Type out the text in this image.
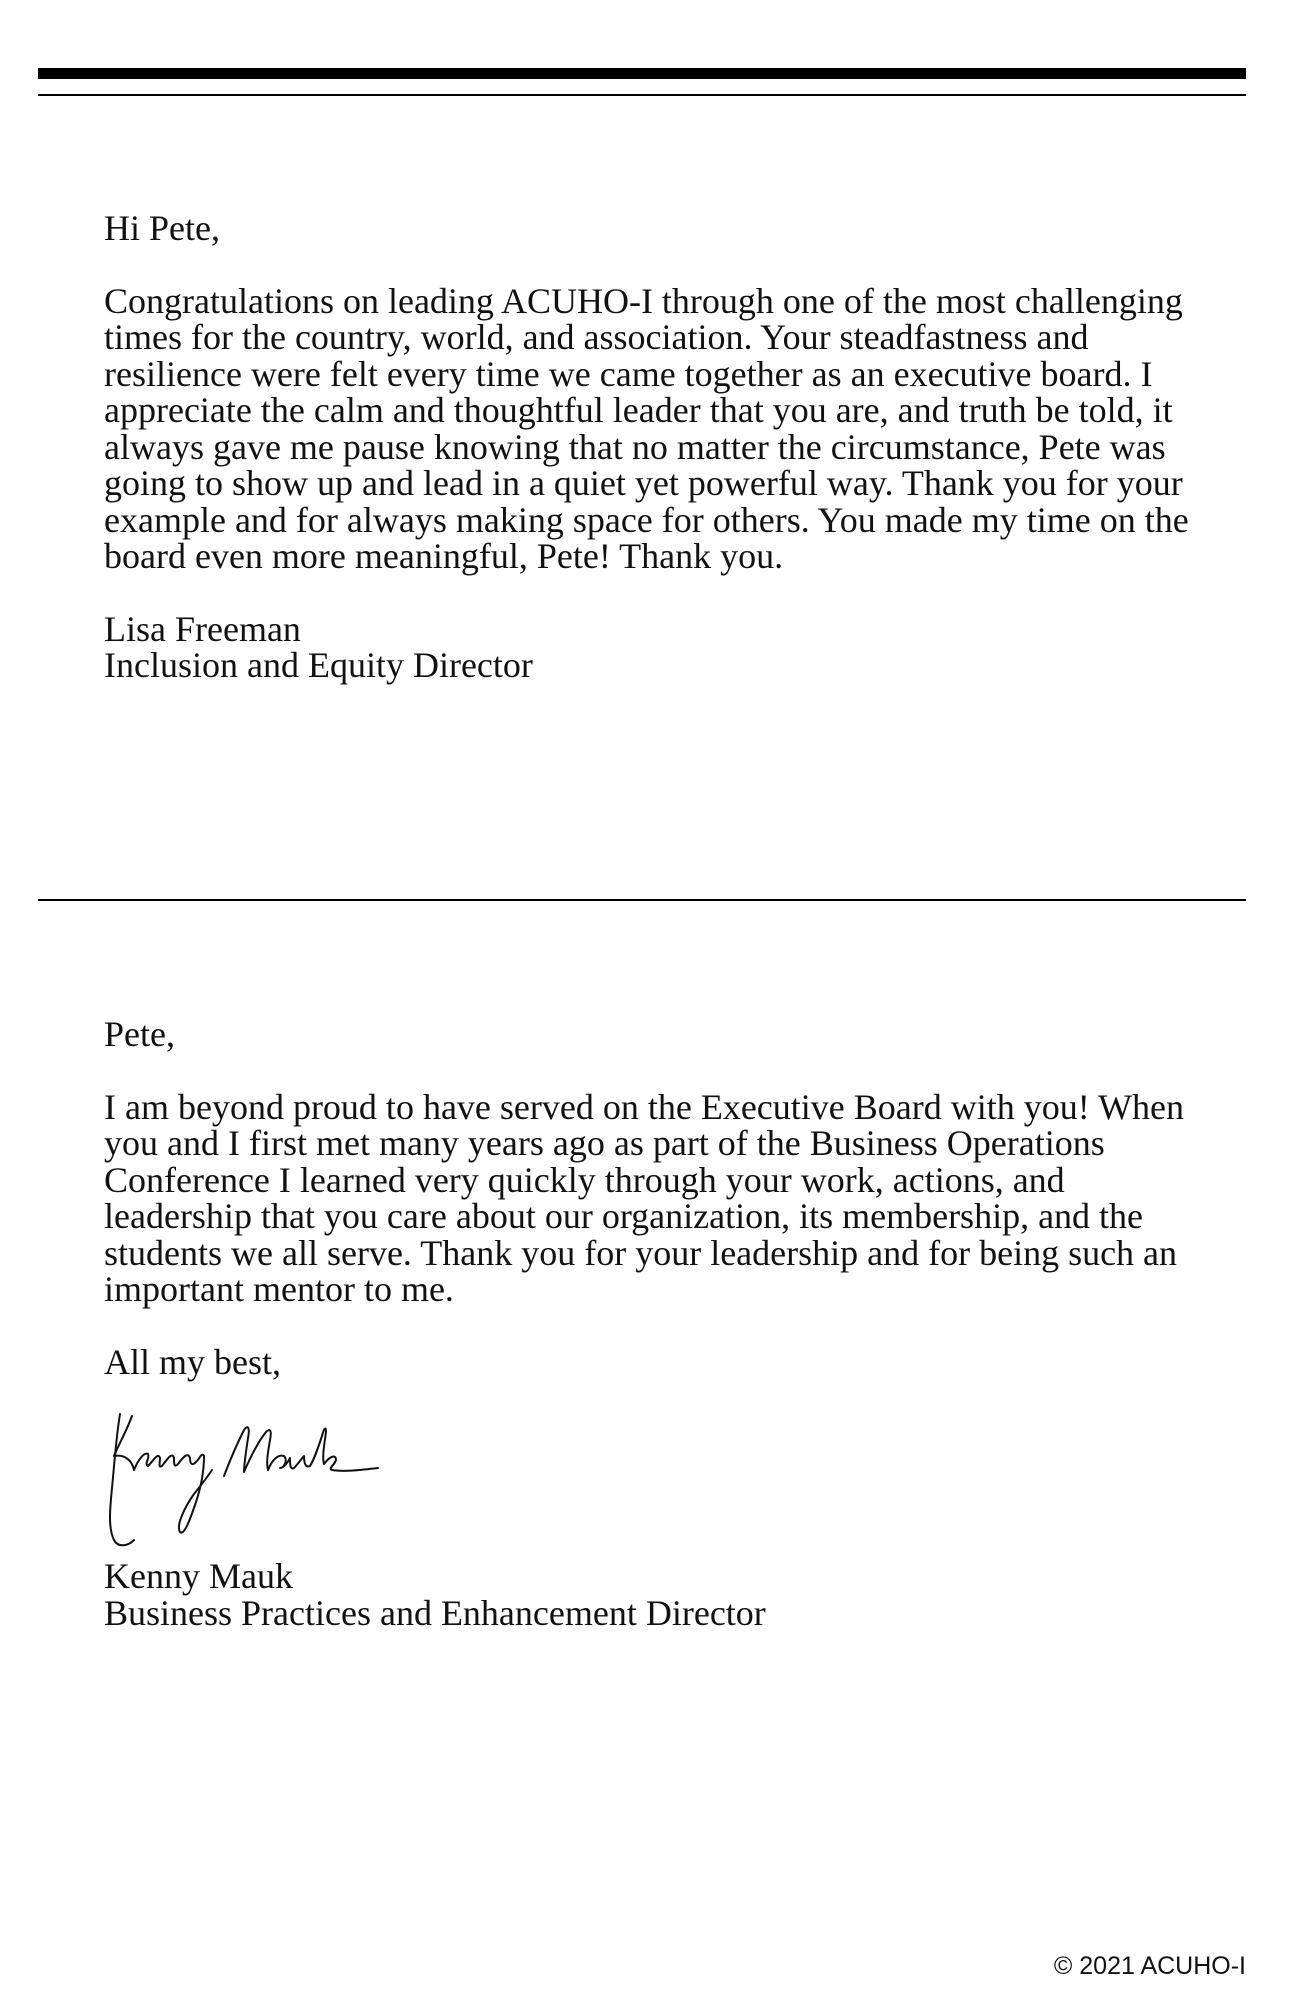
Hi Pete,

Congratulations on leading ACUHO-I through one of the most challenging times for the country, world, and association. Your steadfastness and resilience were felt every time we came together as an executive board. I appreciate the calm and thoughtful leader that you are, and truth be told, it always gave me pause knowing that no matter the circumstance, Pete was going to show up and lead in a quiet yet powerful way. Thank you for your example and for always making space for others. You made my time on the board even more meaningful, Pete! Thank you.

Lisa Freeman

Inclusion and Equity Director

Pete,

I am beyond proud to have served on the Executive Board with you! When you and I first met many years ago as part of the Business Operations Conference I learned very quickly through your work, actions, and leadership that you care about our organization, its membership, and the students we all serve. Thank you for your leadership and for being such an important mentor to me.

All my best,

Kenny Mauk

Business Practices and Enhancement Director

© 2021 ACUHO-I
